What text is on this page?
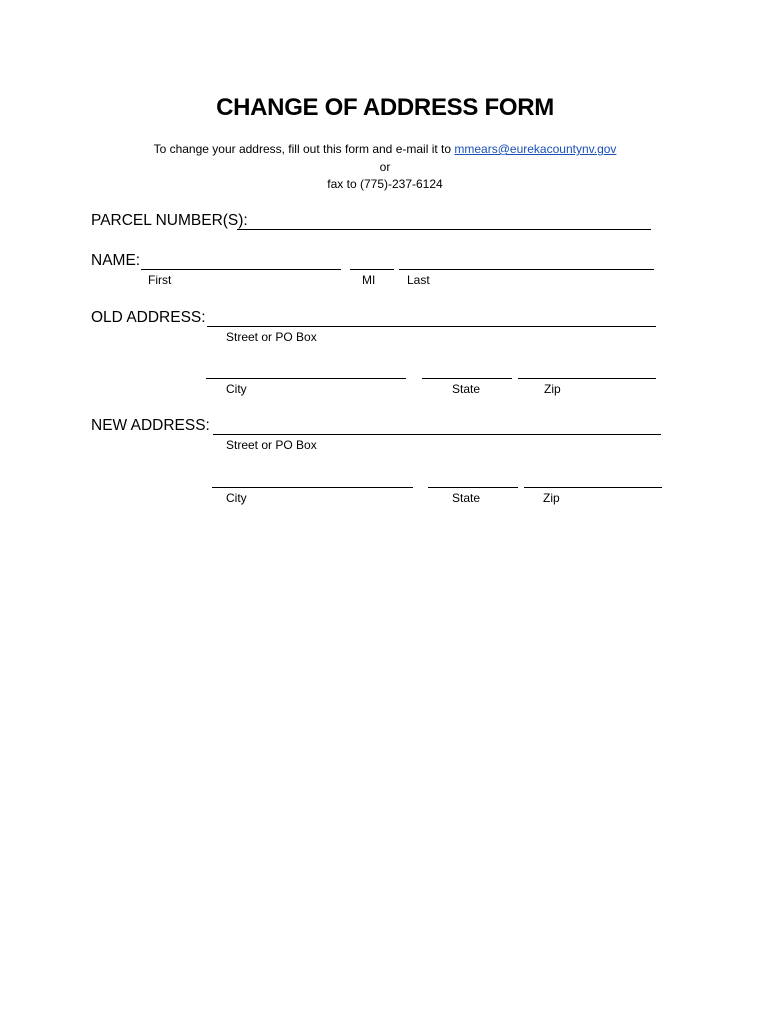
CHANGE OF ADDRESS FORM
To change your address, fill out this form and e-mail it to mmears@eurekacountynv.gov
or
fax to (775)-237-6124
PARCEL NUMBER(S):
NAME:
First	MI	Last
OLD ADDRESS:
Street or PO Box
City	State	Zip
NEW ADDRESS:
Street or PO Box
City	State	Zip
